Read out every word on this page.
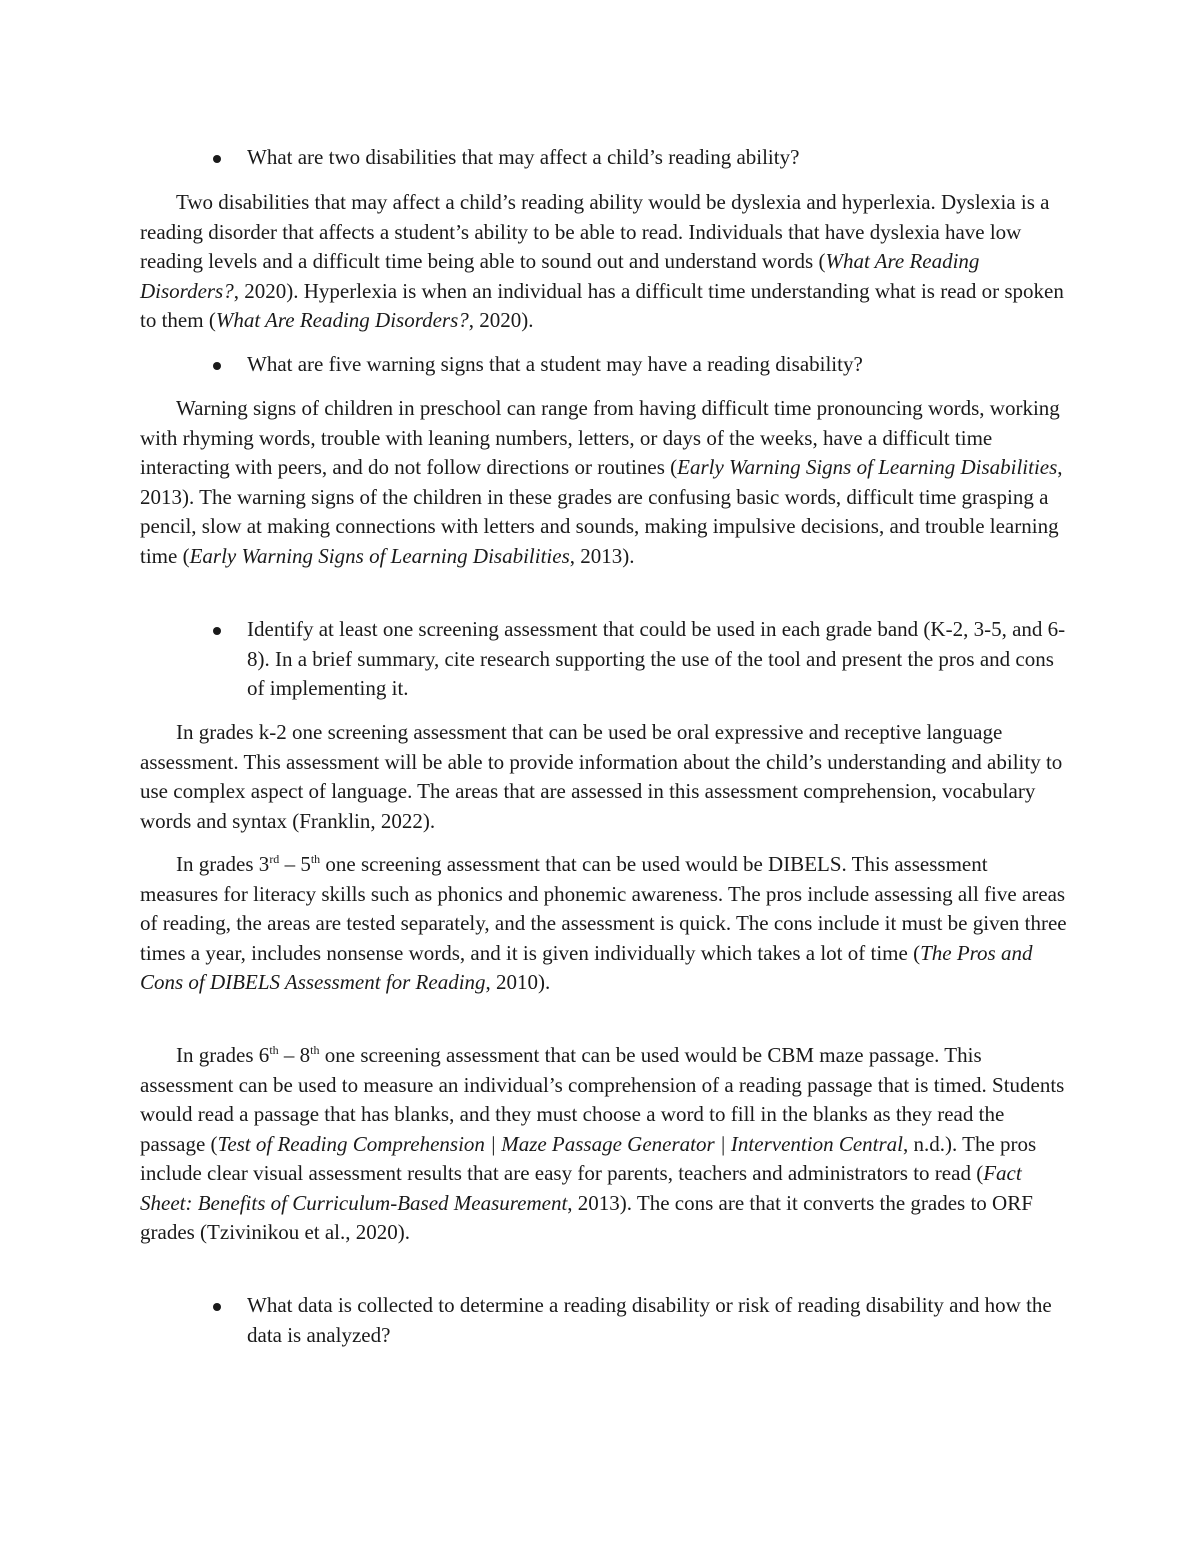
What are two disabilities that may affect a child’s reading ability?

Two disabilities that may affect a child’s reading ability would be dyslexia and hyperlexia. Dyslexia is a reading disorder that affects a student’s ability to be able to read. Individuals that have dyslexia have low reading levels and a difficult time being able to sound out and understand words (What Are Reading Disorders?, 2020). Hyperlexia is when an individual has a difficult time understanding what is read or spoken to them (What Are Reading Disorders?, 2020).

What are five warning signs that a student may have a reading disability?

Warning signs of children in preschool can range from having difficult time pronouncing words, working with rhyming words, trouble with leaning numbers, letters, or days of the weeks, have a difficult time interacting with peers, and do not follow directions or routines (Early Warning Signs of Learning Disabilities, 2013). The warning signs of the children in these grades are confusing basic words, difficult time grasping a pencil, slow at making connections with letters and sounds, making impulsive decisions, and trouble learning time (Early Warning Signs of Learning Disabilities, 2013).

Identify at least one screening assessment that could be used in each grade band (K-2, 3-5, and 6-8). In a brief summary, cite research supporting the use of the tool and present the pros and cons of implementing it.

In grades k-2 one screening assessment that can be used be oral expressive and receptive language assessment. This assessment will be able to provide information about the child’s understanding and ability to use complex aspect of language. The areas that are assessed in this assessment comprehension, vocabulary words and syntax (Franklin, 2022).

In grades 3rd – 5th one screening assessment that can be used would be DIBELS. This assessment measures for literacy skills such as phonics and phonemic awareness. The pros include assessing all five areas of reading, the areas are tested separately, and the assessment is quick. The cons include it must be given three times a year, includes nonsense words, and it is given individually which takes a lot of time (The Pros and Cons of DIBELS Assessment for Reading, 2010).

In grades 6th – 8th one screening assessment that can be used would be CBM maze passage. This assessment can be used to measure an individual’s comprehension of a reading passage that is timed. Students would read a passage that has blanks, and they must choose a word to fill in the blanks as they read the passage (Test of Reading Comprehension | Maze Passage Generator | Intervention Central, n.d.). The pros include clear visual assessment results that are easy for parents, teachers and administrators to read (Fact Sheet: Benefits of Curriculum-Based Measurement, 2013). The cons are that it converts the grades to ORF grades (Tzivinikou et al., 2020).

What data is collected to determine a reading disability or risk of reading disability and how the data is analyzed?
